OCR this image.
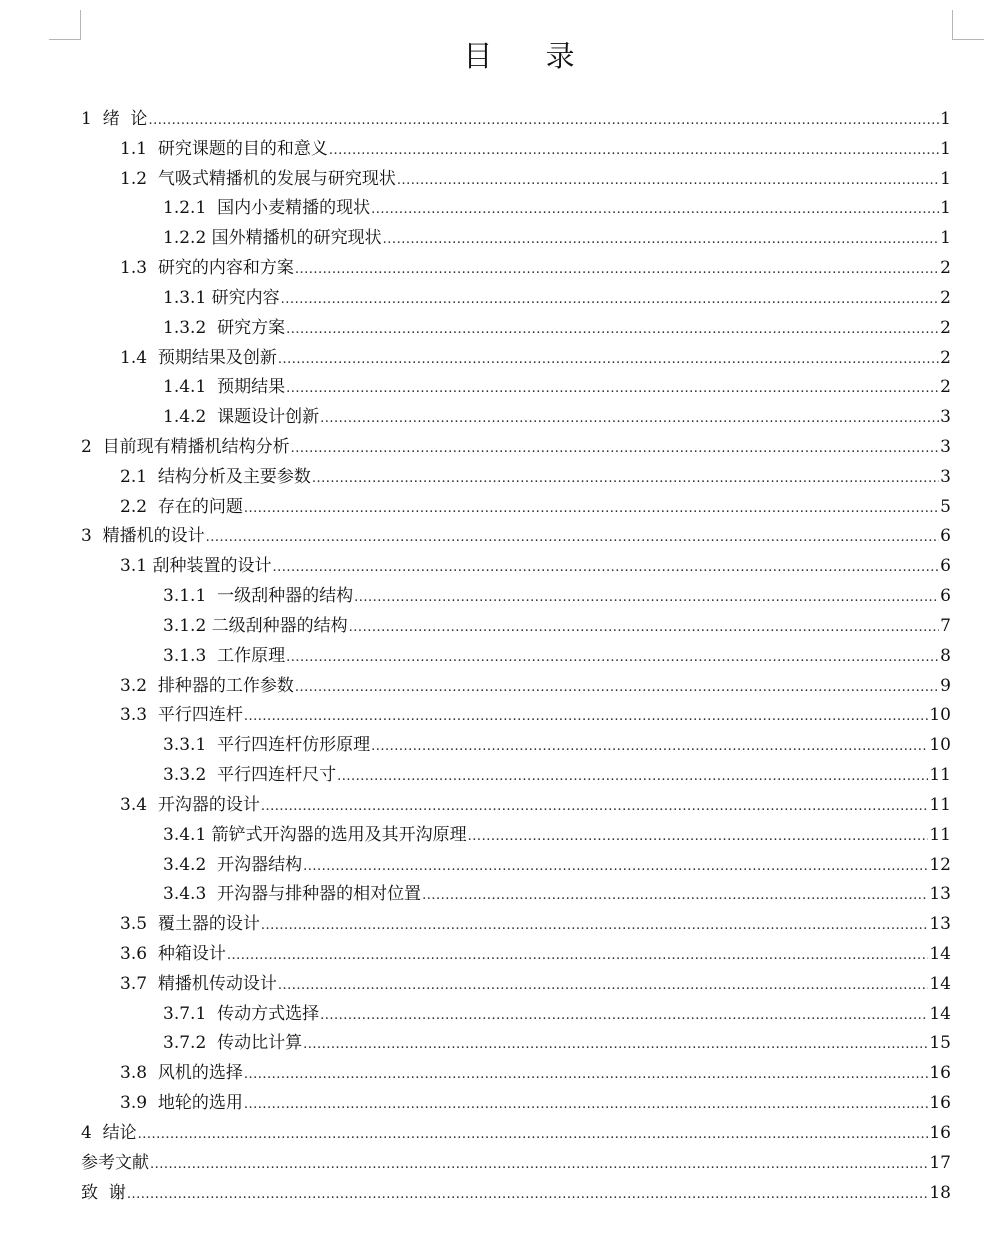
目 录
1  绪  论 .....	1
1.1  研究课题的目的和意义 .....	1
1.2  气吸式精播机的发展与研究现状 .....	1
1.2.1  国内小麦精播的现状 .....	1
1.2.2 国外精播机的研究现状 .....	1
1.3  研究的内容和方案 .....	2
1.3.1 研究内容 .....	2
1.3.2  研究方案 .....	2
1.4  预期结果及创新 .....	2
1.4.1  预期结果 .....	2
1.4.2  课题设计创新 .....	3
2  目前现有精播机结构分析 .....	3
2.1  结构分析及主要参数 .....	3
2.2  存在的问题 .....	5
3  精播机的设计 .....	6
3.1 刮种装置的设计 .....	6
3.1.1  一级刮种器的结构 .....	6
3.1.2 二级刮种器的结构 .....	7
3.1.3  工作原理 .....	8
3.2  排种器的工作参数 .....	9
3.3  平行四连杆 .....	10
3.3.1  平行四连杆仿形原理 .....	10
3.3.2  平行四连杆尺寸 .....	11
3.4  开沟器的设计 .....	11
3.4.1 箭铲式开沟器的选用及其开沟原理 .....	11
3.4.2  开沟器结构 .....	12
3.4.3  开沟器与排种器的相对位置 .....	13
3.5  覆土器的设计 .....	13
3.6  种箱设计 .....	14
3.7  精播机传动设计 .....	14
3.7.1  传动方式选择 .....	14
3.7.2  传动比计算 .....	15
3.8  风机的选择 .....	16
3.9  地轮的选用 .....	16
4  结论 .....	16
参考文献 .....	17
致  谢 .....	18
